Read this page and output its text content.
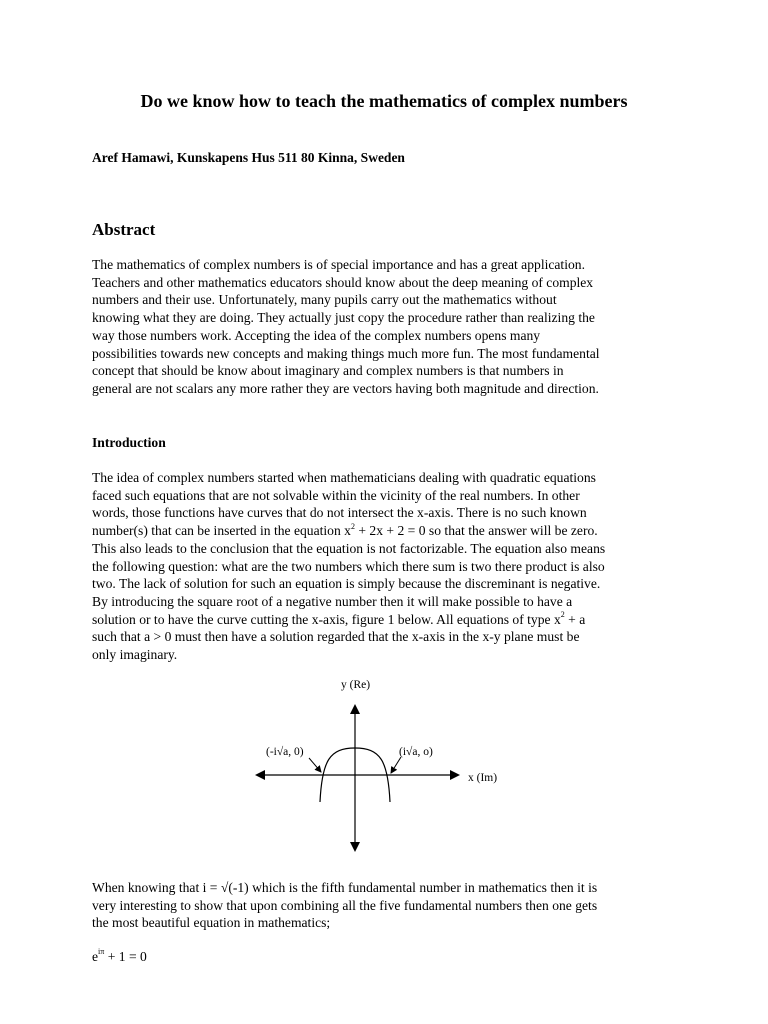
Do we know how to teach the mathematics of complex numbers
Aref Hamawi, Kunskapens Hus 511 80 Kinna, Sweden
Abstract

The mathematics of complex numbers is of special importance and has a great application.

Teachers and other mathematics educators should know about the deep meaning of complex

numbers and their use. Unfortunately, many pupils carry out the mathematics without

knowing what they are doing. They actually just copy the procedure rather than realizing the

way those numbers work. Accepting the idea of the complex numbers opens many

possibilities towards new concepts and making things much more fun. The most fundamental

concept that should be know about imaginary and complex numbers is that numbers in

general are not scalars any more rather they are vectors having both magnitude and direction.

Introduction

The idea of complex numbers started when mathematicians dealing with quadratic equations

faced such equations that are not solvable within the vicinity of the real numbers. In other

words, those functions have curves that do not intersect the x-axis. There is no such known

number(s) that can be inserted in the equation $x^2 + 2x + 2 = 0$ so that the answer will be zero.

This also leads to the conclusion that the equation is not factorizable. The equation also means

the following question: what are the two numbers which there sum is two there product is also

two. The lack of solution for such an equation is simply because the discreminant is negative.

By introducing the square root of a negative number then it will make possible to have a

solution or to have the curve cutting the x-axis, figure 1 below. All equations of type $x^2 + a$

such that a > 0 must then have a solution regarded that the x-axis in the x-y plane must be

only imaginary.

y (Re)
x (Im)
(-i√a, 0)	(i√a, o)

When knowing that i = √(-1) which is the fifth fundamental number in mathematics then it is

very interesting to show that upon combining all the five fundamental numbers then one gets

the most beautiful equation in mathematics;

$e^{i\pi} + 1 = 0$
